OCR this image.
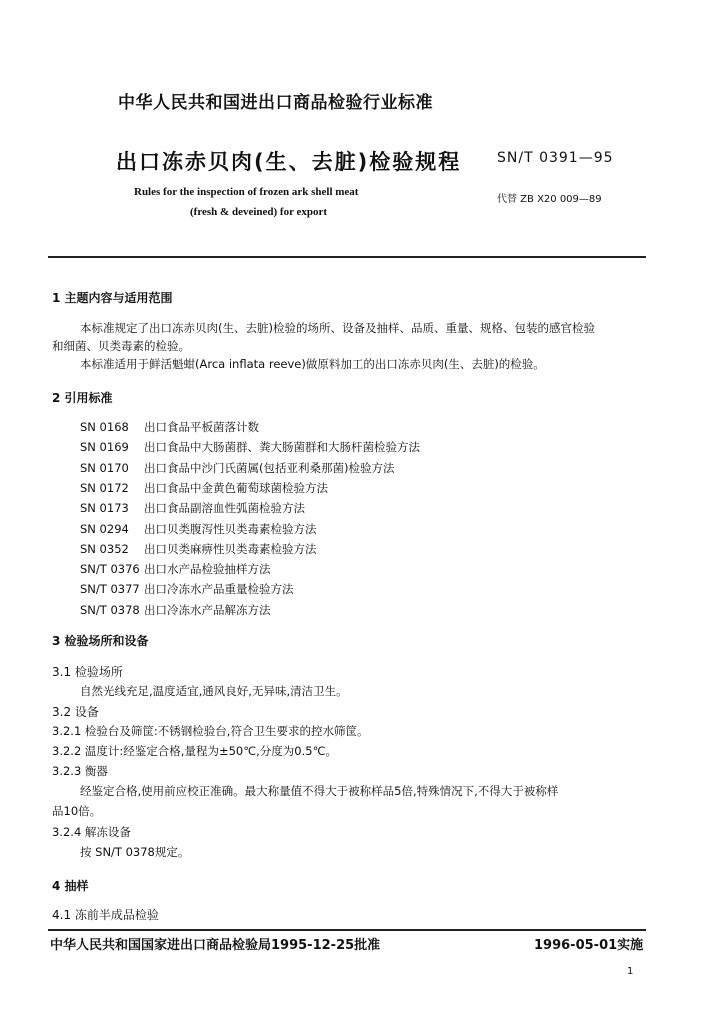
中华人民共和国进出口商品检验行业标准
出口冻赤贝肉(生、去脏)检验规程	SN/T 0391—95
Rules for the inspection of frozen ark shell meat
(fresh & deveined) for export
代替 ZB X20 009—89
1 主题内容与适用范围
本标准规定了出口冻赤贝肉(生、去脏)检验的场所、设备及抽样、品质、重量、规格、包装的感官检验
和细菌、贝类毒素的检验。
本标准适用于鲜活魁蚶(Arca inflata reeve)做原料加工的出口冻赤贝肉(生、去脏)的检验。
2 引用标准
SN 0168 出口食品平板菌落计数
SN 0169 出口食品中大肠菌群、粪大肠菌群和大肠杆菌检验方法
SN 0170 出口食品中沙门氏菌属(包括亚利桑那菌)检验方法
SN 0172 出口食品中金黄色葡萄球菌检验方法
SN 0173 出口食品副溶血性弧菌检验方法
SN 0294 出口贝类腹泻性贝类毒素检验方法
SN 0352 出口贝类麻痹性贝类毒素检验方法
SN/T 0376 出口水产品检验抽样方法
SN/T 0377 出口冷冻水产品重量检验方法
SN/T 0378 出口冷冻水产品解冻方法
3 检验场所和设备
3.1 检验场所
自然光线充足,温度适宜,通风良好,无异味,清洁卫生。
3.2 设备
3.2.1 检验台及筛筐:不锈钢检验台,符合卫生要求的控水筛筐。
3.2.2 温度计:经鉴定合格,量程为±50℃,分度为0.5℃。
3.2.3 衡器
经鉴定合格,使用前应校正准确。最大称量值不得大于被称样品5倍,特殊情况下,不得大于被称样
品10倍。
3.2.4 解冻设备
按 SN/T 0378规定。
4 抽样
4.1 冻前半成品检验
中华人民共和国国家进出口商品检验局1995-12-25批准	1996-05-01实施
1
